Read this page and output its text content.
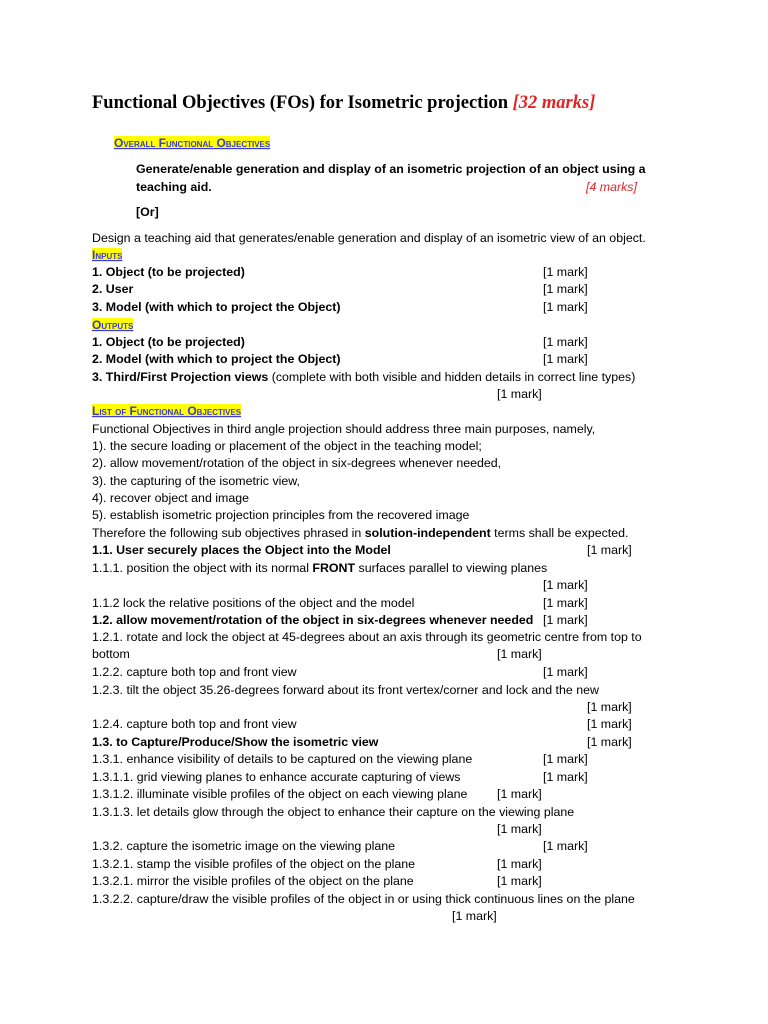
Functional Objectives (FOs) for Isometric projection [32 marks]
Overall Functional Objectives
Generate/enable generation and display of an isometric projection of an object using a
teaching aid.	[4 marks]
[Or]
Design a teaching aid that generates/enable generation and display of an isometric view of an object.
Inputs
1. Object (to be projected)	[1 mark]
2. User	[1 mark]
3. Model (with which to project the Object)	[1 mark]
Outputs
1. Object (to be projected)	[1 mark]
2. Model (with which to project the Object)	[1 mark]
3. Third/First Projection views (complete with both visible and hidden details in correct line types)
[1 mark]
List of Functional Objectives
Functional Objectives in third angle projection should address three main purposes, namely,
1). the secure loading or placement of the object in the teaching model;
2). allow movement/rotation of the object in six-degrees whenever needed,
3). the capturing of the isometric view,
4). recover object and image
5). establish isometric projection principles from the recovered image
Therefore the following sub objectives phrased in solution-independent terms shall be expected.
1.1. User securely places the Object into the Model	[1 mark]
1.1.1. position the object with its normal FRONT surfaces parallel to viewing planes
[1 mark]
1.1.2 lock the relative positions of the object and the model	[1 mark]
1.2. allow movement/rotation of the object in six-degrees whenever needed [1 mark]
1.2.1. rotate and lock the object at 45-degrees about an axis through its geometric centre from top to
bottom	[1 mark]
1.2.2. capture both top and front view	[1 mark]
1.2.3. tilt the object 35.26-degrees forward about its front vertex/corner and lock and the new
[1 mark]
1.2.4. capture both top and front view	[1 mark]
1.3. to Capture/Produce/Show the isometric view	[1 mark]
1.3.1. enhance visibility of details to be captured on the viewing plane	[1 mark]
1.3.1.1. grid viewing planes to enhance accurate capturing of views	[1 mark]
1.3.1.2. illuminate visible profiles of the object on each viewing plane [1 mark]
1.3.1.3. let details glow through the object to enhance their capture on the viewing plane
[1 mark]
1.3.2. capture the isometric image on the viewing plane	[1 mark]
1.3.2.1. stamp the visible profiles of the object on the plane	[1 mark]
1.3.2.1. mirror the visible profiles of the object on the plane	[1 mark]
1.3.2.2. capture/draw the visible profiles of the object in or using thick continuous lines on the plane
[1 mark]
